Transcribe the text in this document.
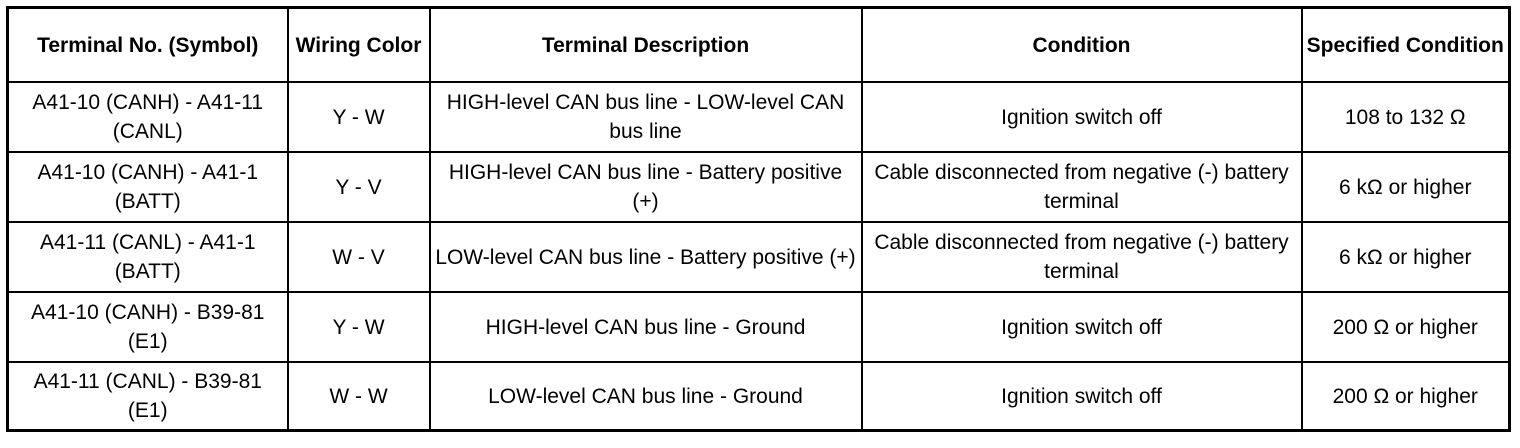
Terminal No. (Symbol)	Wiring Color	Terminal Description	Condition	Specified Condition
A41-10 (CANH) - A41-11 (CANL)	Y - W	HIGH-level CAN bus line - LOW-level CAN bus line	Ignition switch off	108 to 132 Ω
A41-10 (CANH) - A41-1 (BATT)	Y - V	HIGH-level CAN bus line - Battery positive (+)	Cable disconnected from negative (-) battery terminal	6 kΩ or higher
A41-11 (CANL) - A41-1 (BATT)	W - V	LOW-level CAN bus line - Battery positive (+)	Cable disconnected from negative (-) battery terminal	6 kΩ or higher
A41-10 (CANH) - B39-81 (E1)	Y - W	HIGH-level CAN bus line - Ground	Ignition switch off	200 Ω or higher
A41-11 (CANL) - B39-81 (E1)	W - W	LOW-level CAN bus line - Ground	Ignition switch off	200 Ω or higher
